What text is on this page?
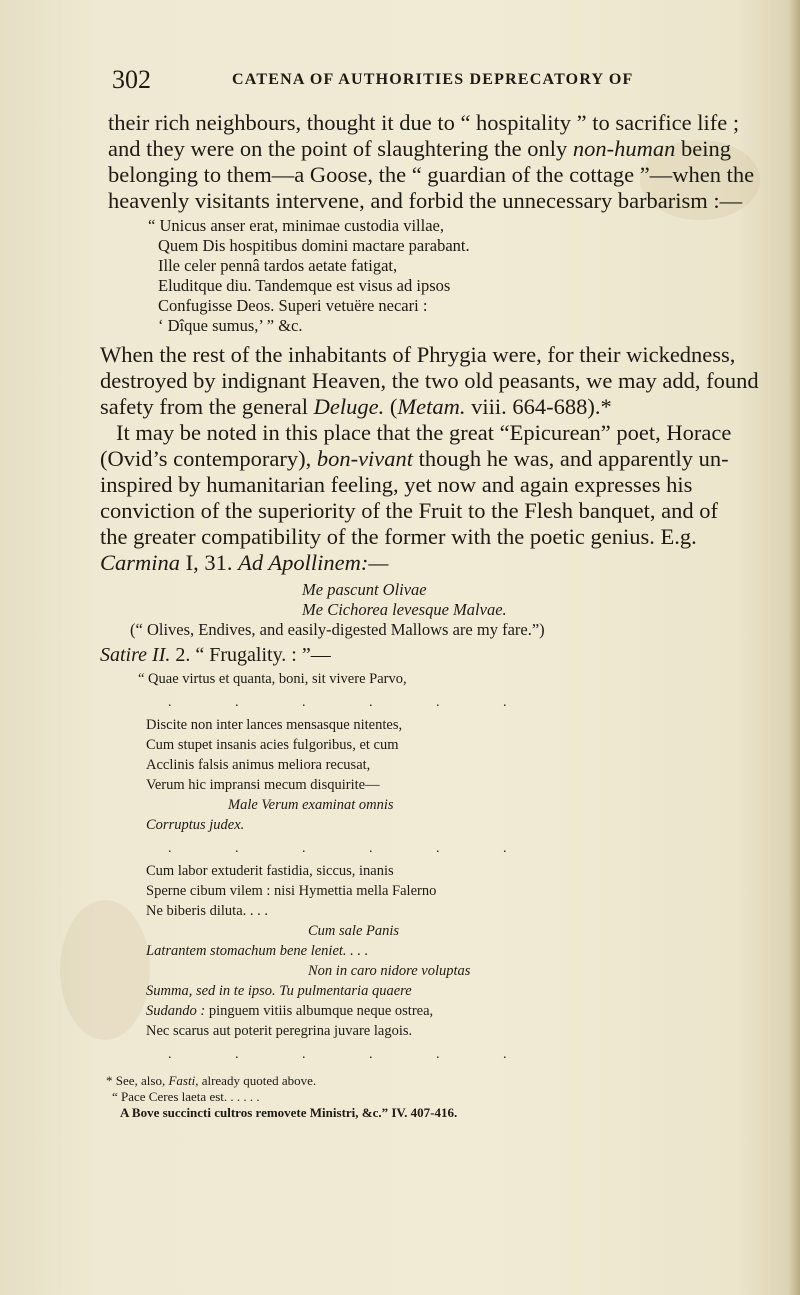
302	CATENA OF AUTHORITIES DEPRECATORY OF
their rich neighbours, thought it due to “ hospitality ” to sacrifice life ;
and they were on the point of slaughtering the only non-human being
belonging to them—a Goose, the “ guardian of the cottage ”—when the
heavenly visitants intervene, and forbid the unnecessary barbarism :—
“ Unicus anser erat, minimae custodia villae,
Quem Dis hospitibus domini mactare parabant.
Ille celer pennâ tardos aetate fatigat,
Eluditque diu. Tandemque est visus ad ipsos
Confugisse Deos. Superi vetuëre necari :
‘ Dîque sumus,’ ” &c.
When the rest of the inhabitants of Phrygia were, for their wickedness,
destroyed by indignant Heaven, the two old peasants, we may add, found
safety from the general Deluge. (Metam. viii. 664-688).*
It may be noted in this place that the great “Epicurean” poet, Horace
(Ovid’s contemporary), bon-vivant though he was, and apparently un-
inspired by humanitarian feeling, yet now and again expresses his
conviction of the superiority of the Fruit to the Flesh banquet, and of
the greater compatibility of the former with the poetic genius. E.g.
Carmina I, 31. Ad Apollinem:—
Me pascunt Olivae
Me Cichorea levesque Malvae.
(“ Olives, Endives, and easily-digested Mallows are my fare.”)
Satire II. 2. “ Frugality. : ”—
“ Quae virtus et quanta, boni, sit vivere Parvo,
. . . . . .
Discite non inter lances mensasque nitentes,
Cum stupet insanis acies fulgoribus, et cum
Acclinis falsis animus meliora recusat,
Verum hic impransi mecum disquirite—
Male Verum examinat omnis
Corruptus judex.
. . . . . .
Cum labor extuderit fastidia, siccus, inanis
Sperne cibum vilem : nisi Hymettia mella Falerno
Ne biberis diluta. . . .
Cum sale Panis
Latrantem stomachum bene leniet. . . .
Non in caro nidore voluptas
Summa, sed in te ipso. Tu pulmentaria quaere
Sudando : pinguem vitiis albumque neque ostrea,
Nec scarus aut poterit peregrina juvare lagois.
. . . . . .
* See, also, Fasti, already quoted above.
“ Pace Ceres laeta est. . . . . .
A Bove succincti cultros removete Ministri, &c.” IV. 407-416.
